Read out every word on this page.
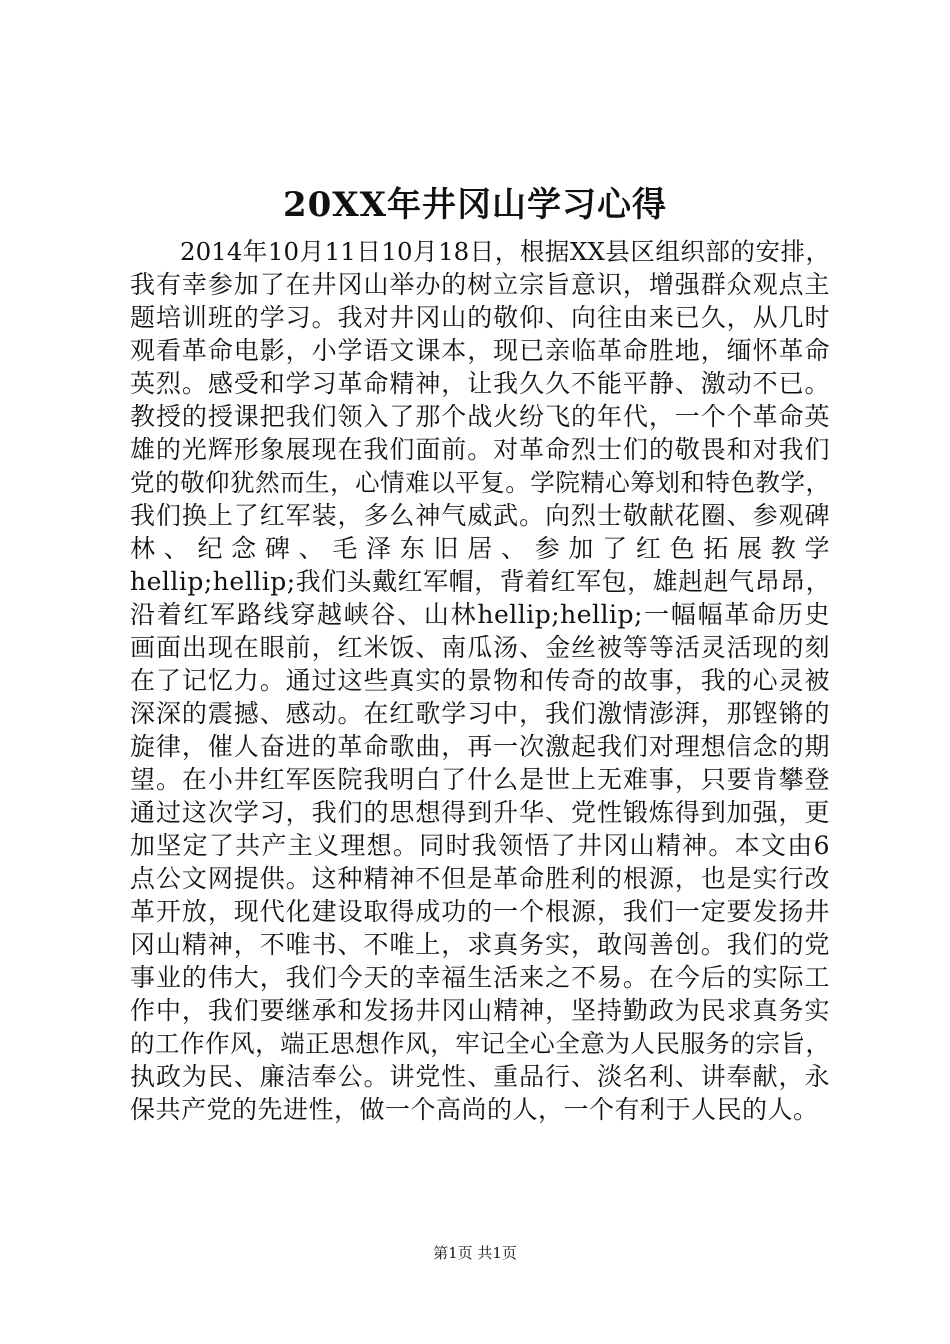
20XX年井冈山学习心得
2014年10月11日10月18日，根据XX县区组织部的安排，
我有幸参加了在井冈山举办的树立宗旨意识，增强群众观点主
题培训班的学习。我对井冈山的敬仰、向往由来已久，从几时
观看革命电影，小学语文课本，现已亲临革命胜地，缅怀革命
英烈。感受和学习革命精神，让我久久不能平静、激动不已。
教授的授课把我们领入了那个战火纷飞的年代，一个个革命英
雄的光辉形象展现在我们面前。对革命烈士们的敬畏和对我们
党的敬仰犹然而生，心情难以平复。学院精心筹划和特色教学，
我们换上了红军装，多么神气威武。向烈士敬献花圈、参观碑
林、纪念碑、毛泽东旧居、参加了红色拓展教学
hellip;hellip;我们头戴红军帽，背着红军包，雄赳赳气昂昂，
沿着红军路线穿越峡谷、山林hellip;hellip;一幅幅革命历史
画面出现在眼前，红米饭、南瓜汤、金丝被等等活灵活现的刻
在了记忆力。通过这些真实的景物和传奇的故事，我的心灵被
深深的震撼、感动。在红歌学习中，我们激情澎湃，那铿锵的
旋律，催人奋进的革命歌曲，再一次激起我们对理想信念的期
望。在小井红军医院我明白了什么是世上无难事，只要肯攀登
通过这次学习，我们的思想得到升华、党性锻炼得到加强，更
加坚定了共产主义理想。同时我领悟了井冈山精神。本文由6
点公文网提供。这种精神不但是革命胜利的根源，也是实行改
革开放，现代化建设取得成功的一个根源，我们一定要发扬井
冈山精神，不唯书、不唯上，求真务实，敢闯善创。我们的党
事业的伟大，我们今天的幸福生活来之不易。在今后的实际工
作中，我们要继承和发扬井冈山精神，坚持勤政为民求真务实
的工作作风，端正思想作风，牢记全心全意为人民服务的宗旨，
执政为民、廉洁奉公。讲党性、重品行、淡名利、讲奉献，永
保共产党的先进性，做一个高尚的人，一个有利于人民的人。
第1页 共1页
